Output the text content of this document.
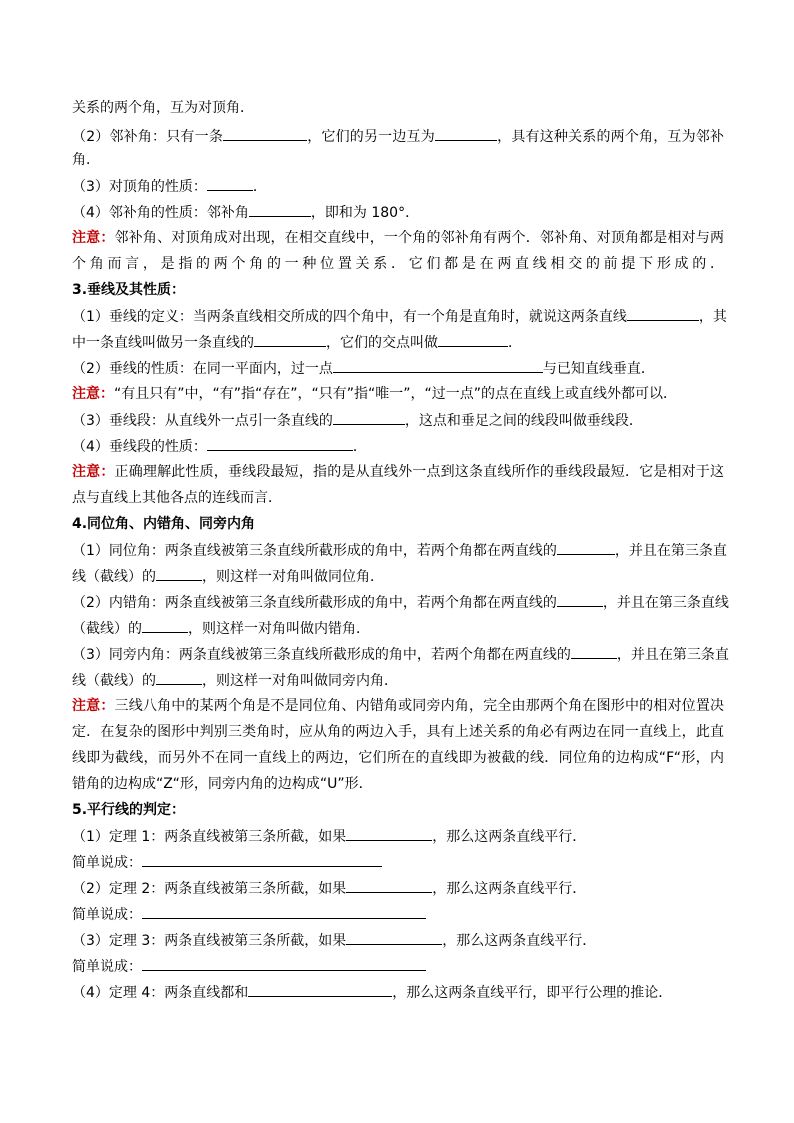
关系的两个角，互为对顶角．
（2）邻补角：只有一条	，它们的另一边互为	，具有这种关系的两个角，互为邻补
角．
（3）对顶角的性质：	．
（4）邻补角的性质：邻补角	，即和为 180°．
注意：邻补角、对顶角成对出现，在相交直线中，一个角的邻补角有两个．邻补角、对顶角都是相对与两
个角而言，是指的两个角的一种位置关系．它们都是在两直线相交的前提下形成的．
3.垂线及其性质：
（1）垂线的定义：当两条直线相交所成的四个角中，有一个角是直角时，就说这两条直线	，其
中一条直线叫做另一条直线的	，它们的交点叫做	．
（2）垂线的性质：在同一平面内，过一点	与已知直线垂直．
注意：“有且只有”中，“有”指“存在”，“只有”指“唯一”，“过一点”的点在直线上或直线外都可以．
（3）垂线段：从直线外一点引一条直线的	，这点和垂足之间的线段叫做垂线段．
（4）垂线段的性质：	．
注意：正确理解此性质，垂线段最短，指的是从直线外一点到这条直线所作的垂线段最短．它是相对于这
点与直线上其他各点的连线而言．
4.同位角、内错角、同旁内角
（1）同位角：两条直线被第三条直线所截形成的角中，若两个角都在两直线的	，并且在第三条直
线（截线）的	，则这样一对角叫做同位角．
（2）内错角：两条直线被第三条直线所截形成的角中，若两个角都在两直线的	，并且在第三条直线
（截线）的	，则这样一对角叫做内错角．
（3）同旁内角：两条直线被第三条直线所截形成的角中，若两个角都在两直线的	，并且在第三条直
线（截线）的	，则这样一对角叫做同旁内角．
注意：三线八角中的某两个角是不是同位角、内错角或同旁内角，完全由那两个角在图形中的相对位置决
定．在复杂的图形中判别三类角时，应从角的两边入手，具有上述关系的角必有两边在同一直线上，此直
线即为截线，而另外不在同一直线上的两边，它们所在的直线即为被截的线．同位角的边构成“F“形，内
错角的边构成“Z“形，同旁内角的边构成“U”形．
5.平行线的判定：
（1）定理 1：两条直线被第三条所截，如果	，那么这两条直线平行．
简单说成：
（2）定理 2：两条直线被第三条所截，如果	，那么这两条直线平行．
简单说成：
（3）定理 3：两条直线被第三条所截，如果	，那么这两条直线平行．
简单说成：
（4）定理 4：两条直线都和	，那么这两条直线平行，即平行公理的推论．
